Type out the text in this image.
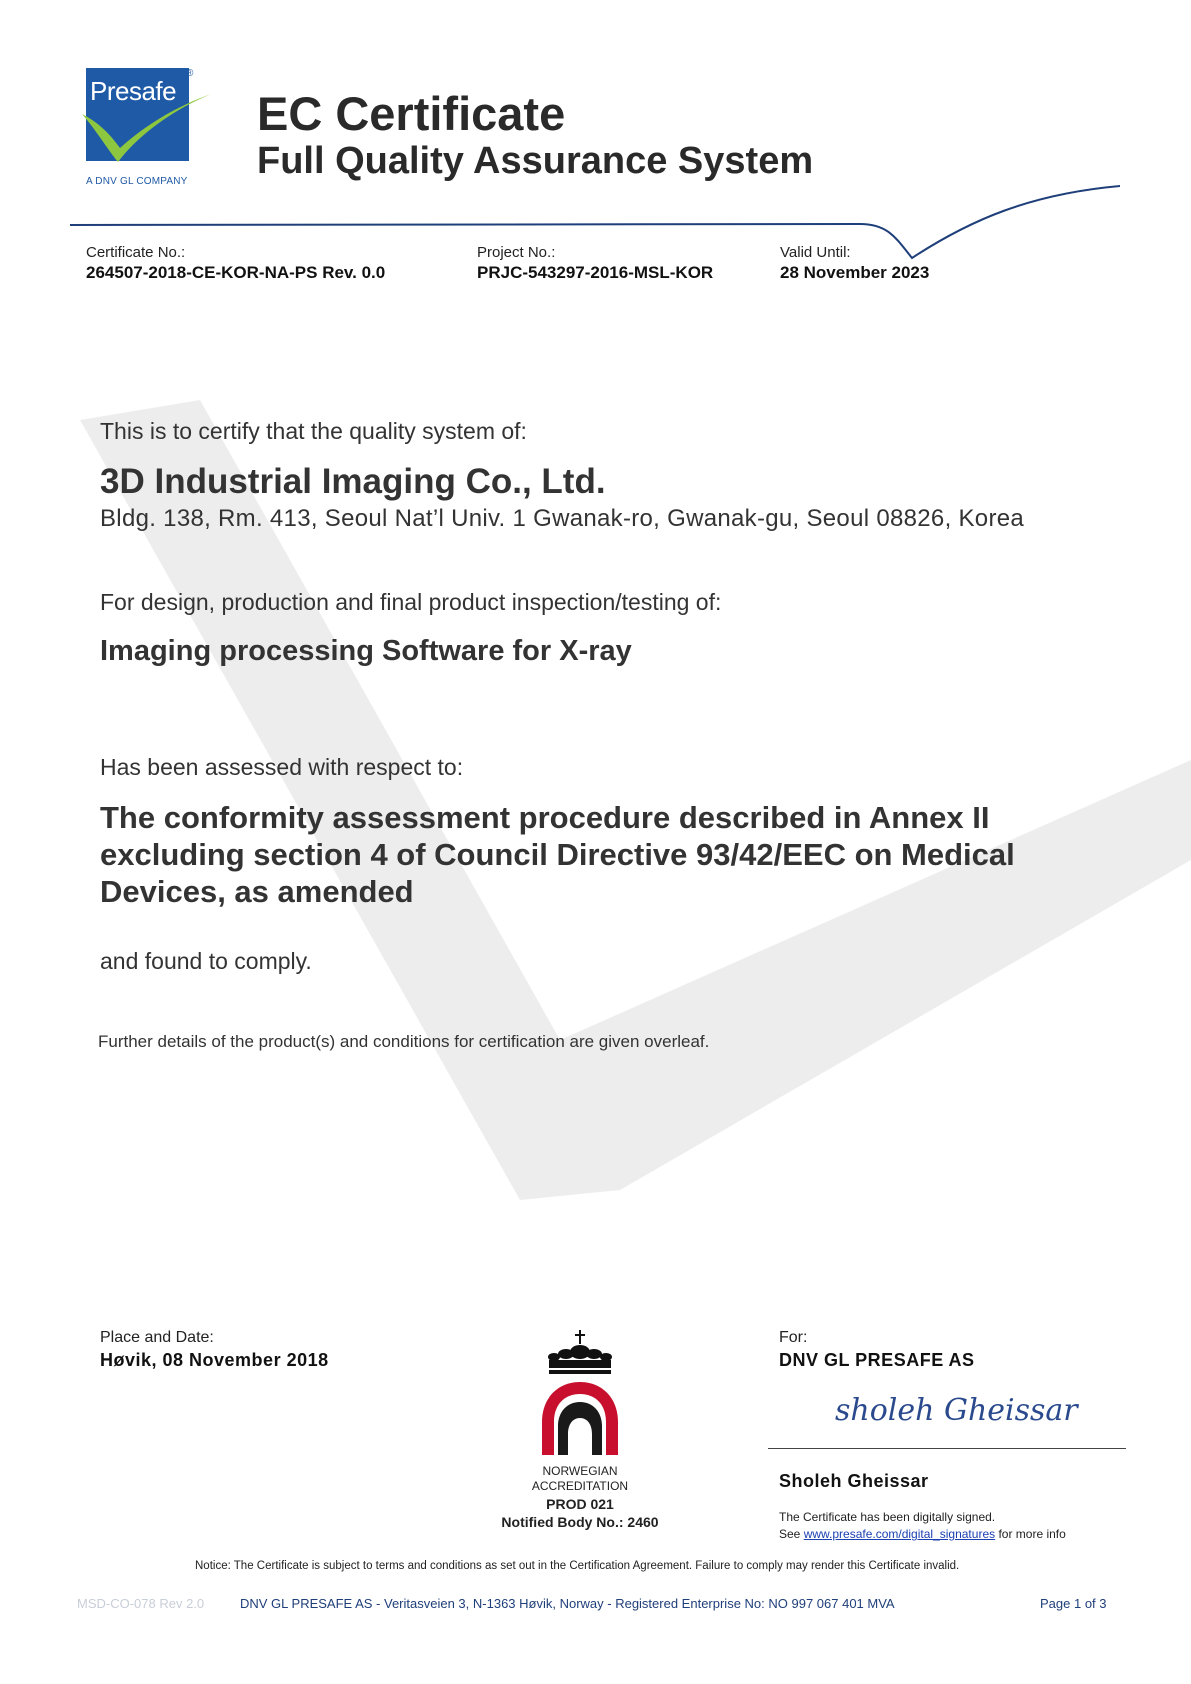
Presafe
®
A DNV GL COMPANY
EC Certificate
Full Quality Assurance System
Certificate No.:
264507-2018-CE-KOR-NA-PS Rev. 0.0
Project No.:
PRJC-543297-2016-MSL-KOR
Valid Until:
28 November 2023
This is to certify that the quality system of:
3D Industrial Imaging Co., Ltd.
Bldg. 138, Rm. 413, Seoul Nat’l Univ. 1 Gwanak-ro, Gwanak-gu, Seoul 08826, Korea
For design, production and final product inspection/testing of:
Imaging processing Software for X-ray
Has been assessed with respect to:
The conformity assessment procedure described in Annex II
excluding section 4 of Council Directive 93/42/EEC on Medical
Devices, as amended
and found to comply.
Further details of the product(s) and conditions for certification are given overleaf.
Place and Date:
Høvik, 08 November 2018
For:
DNV GL PRESAFE AS
sholeh Gheissar
Sholeh Gheissar
The Certificate has been digitally signed.
See www.presafe.com/digital_signatures for more info
NORWEGIAN
ACCREDITATION
PROD 021
Notified Body No.: 2460
Notice: The Certificate is subject to terms and conditions as set out in the Certification Agreement. Failure to comply may render this Certificate invalid.
MSD-CO-078 Rev 2.0	DNV GL PRESAFE AS - Veritasveien 3, N-1363 Høvik, Norway - Registered Enterprise No: NO 997 067 401 MVA	Page 1 of 3
